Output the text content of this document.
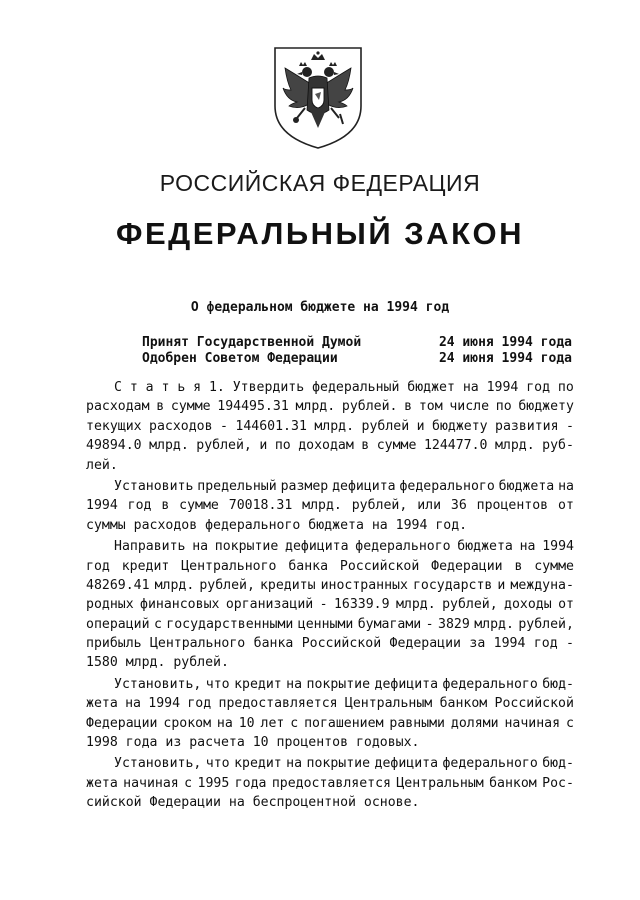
РОССИЙСКАЯ ФЕДЕРАЦИЯ
ФЕДЕРАЛЬНЫЙ ЗАКОН
О федеральном бюджете на 1994 год
Принят Государственной Думой	24 июня 1994 года
Одобрен Советом Федерации	24 июня 1994 года
С т а т ь я 1. Утвердить федеральный бюджет на 1994 год по
расходам в сумме 194495.31 млрд. рублей. в том числе по бюджету
текущих расходов - 144601.31 млрд. рублей и бюджету развития -
49894.0 млрд. рублей, и по доходам в сумме 124477.0 млрд. руб-
лей.
Установить предельный размер дефицита федерального бюджета на
1994 год в сумме 70018.31 млрд. рублей, или 36 процентов от
суммы расходов федерального бюджета на 1994 год.
Направить на покрытие дефицита федерального бюджета на 1994
год кредит Центрального банка Российской Федерации в сумме
48269.41 млрд. рублей, кредиты иностранных государств и междуна-
родных финансовых организаций - 16339.9 млрд. рублей, доходы от
операций с государственными ценными бумагами - 3829 млрд. рублей,
прибыль Центрального банка Российской Федерации за 1994 год -
1580 млрд. рублей.
Установить, что кредит на покрытие дефицита федерального бюд-
жета на 1994 год предоставляется Центральным банком Российской
Федерации сроком на 10 лет с погашением равными долями начиная с
1998 года из расчета 10 процентов годовых.
Установить, что кредит на покрытие дефицита федерального бюд-
жета начиная с 1995 года предоставляется Центральным банком Рос-
сийской Федерации на беспроцентной основе.
